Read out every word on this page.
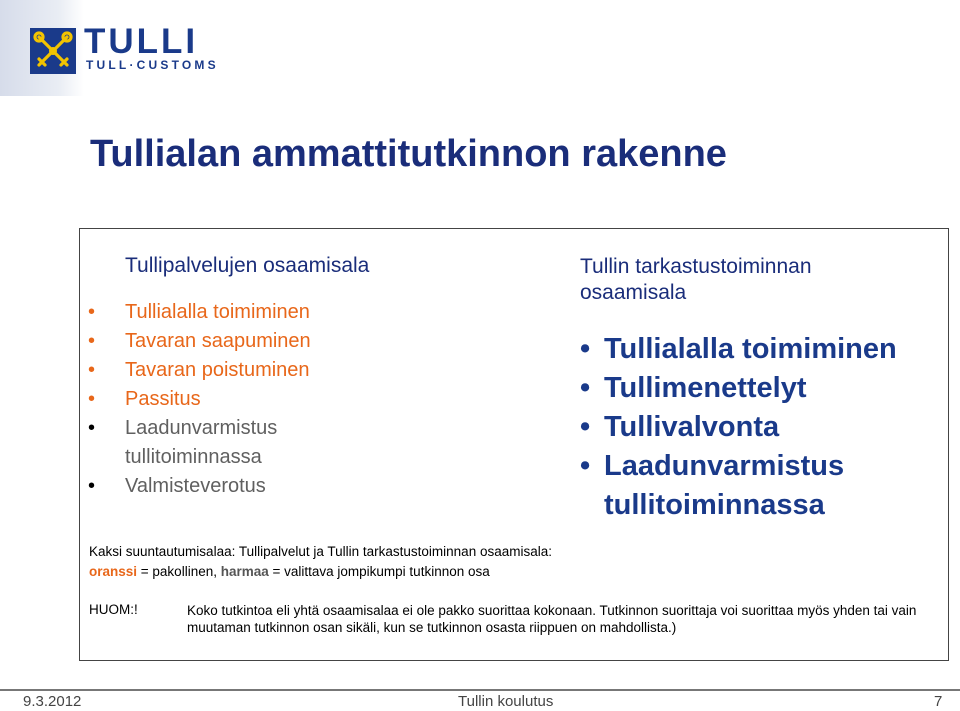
TULLI
TULL·CUSTOMS
Tullialan ammattitutkinnon rakenne
Tullipalvelujen osaamisala
• Tullialalla toimiminen
• Tavaran saapuminen
• Tavaran poistuminen
• Passitus
• Laadunvarmistus
tullitoiminnassa
• Valmisteverotus
Tullin tarkastustoiminnan
osaamisala
• Tullialalla toimiminen
• Tullimenettelyt
• Tullivalvonta
• Laadunvarmistus
tullitoiminnassa
Kaksi suuntautumisalaa: Tullipalvelut ja Tullin tarkastustoiminnan osaamisala:
oranssi = pakollinen, harmaa = valittava jompikumpi tutkinnon osa
HUOM:!	Koko tutkintoa eli yhtä osaamisalaa ei ole pakko suorittaa kokonaan. Tutkinnon suorittaja voi suorittaa myös yhden tai vain muutaman tutkinnon osan sikäli, kun se tutkinnon osasta riippuen on mahdollista.)
9.3.2012	Tullin koulutus	7
